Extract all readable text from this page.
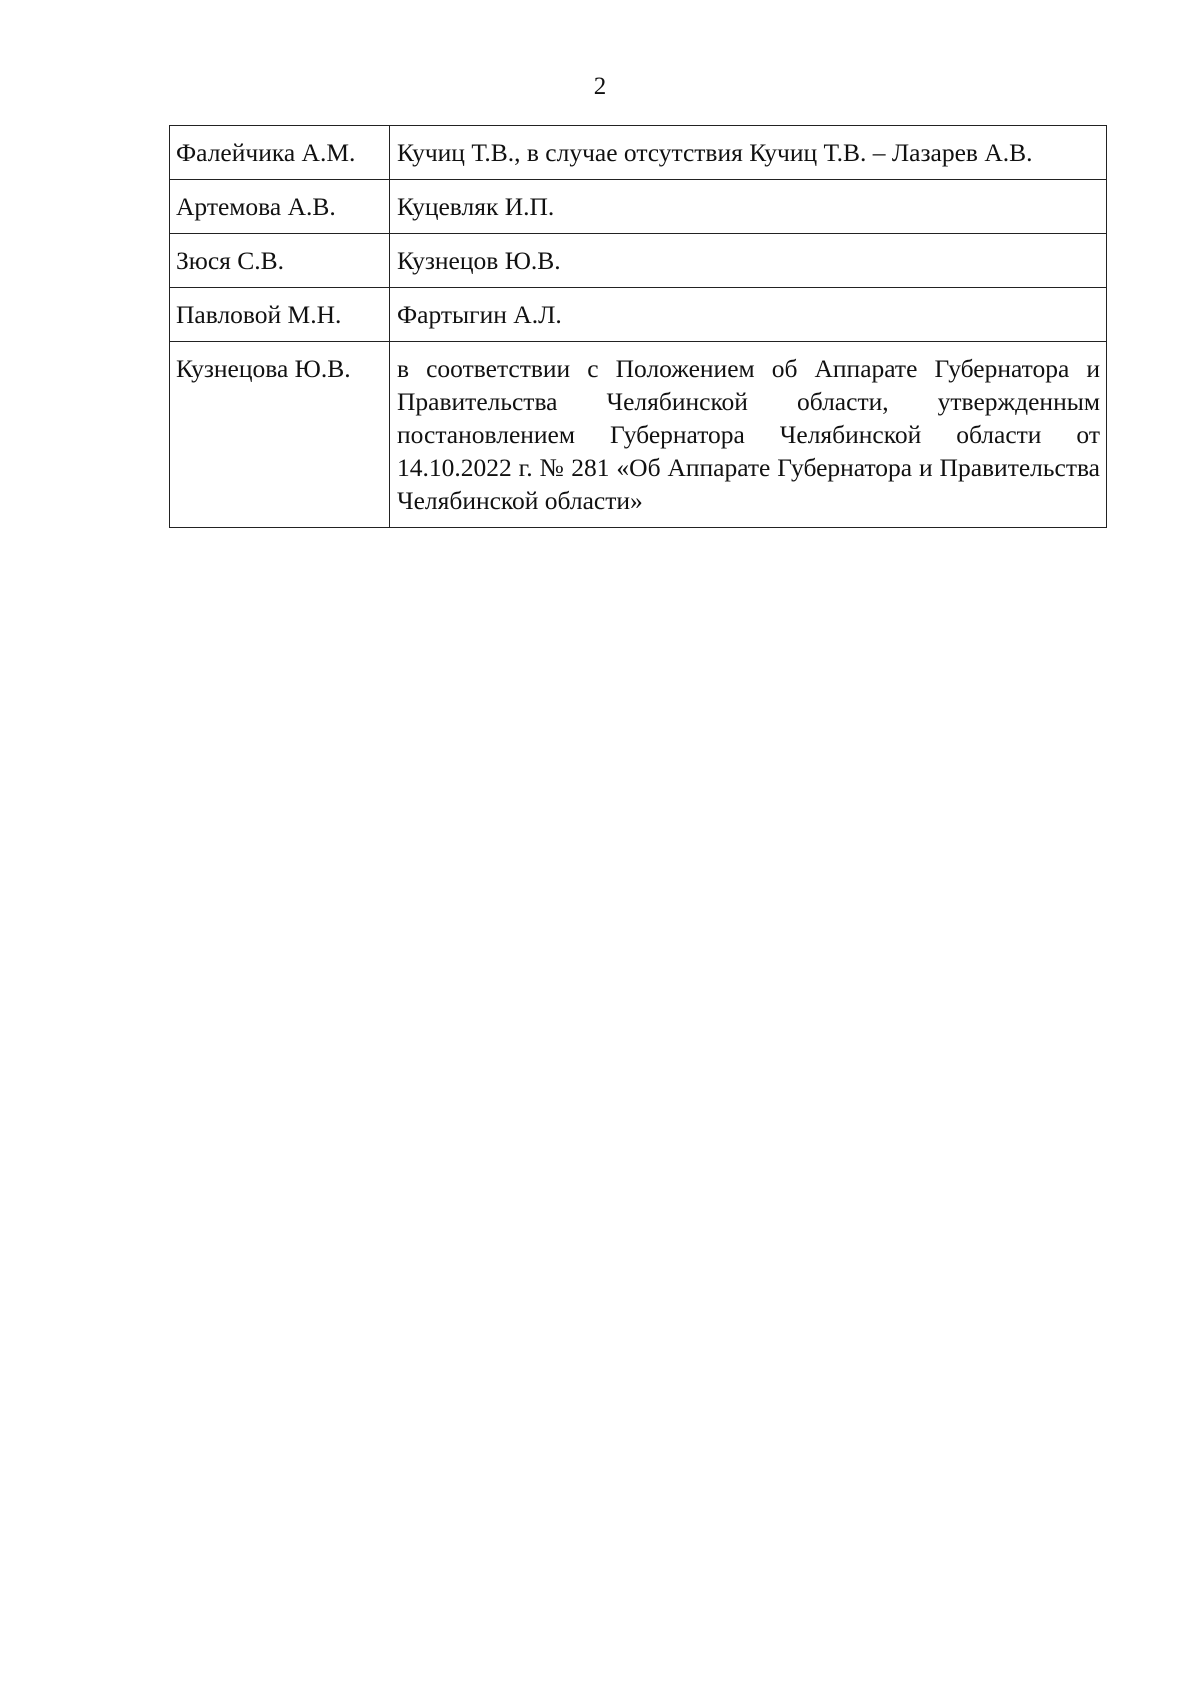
2
Фалейчика А.М.	Кучиц Т.В., в случае отсутствия Кучиц Т.В. – Лазарев А.В.
Артемова А.В.	Куцевляк И.П.
Зюся С.В.	Кузнецов Ю.В.
Павловой М.Н.	Фартыгин А.Л.
Кузнецова Ю.В.	в соответствии с Положением об Аппарате Губернатора и Правительства Челябинской области, утвержденным постановлением Губернатора Челябинской области от 14.10.2022 г. № 281 «Об Аппарате Губернатора и Правительства Челябинской области»
